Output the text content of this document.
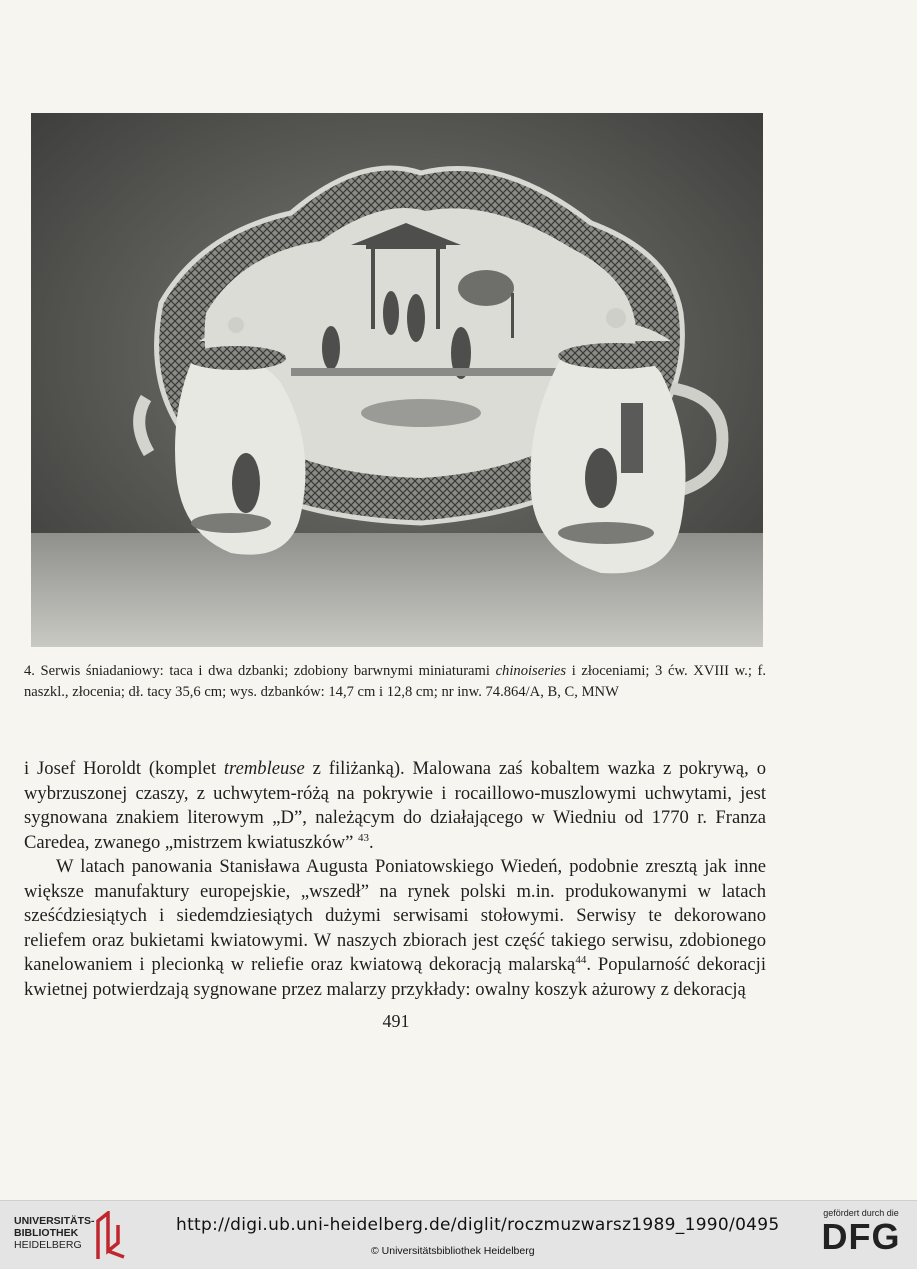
4. Serwis śniadaniowy: taca i dwa dzbanki; zdobiony barwnymi miniaturami chinoiseries i złoceniami; 3 ćw. XVIII w.; f. naszkl., złocenia; dł. tacy 35,6 cm; wys. dzbanków: 14,7 cm i 12,8 cm; nr inw. 74.864/A, B, C, MNW

i Josef Horoldt (komplet trembleuse z filiżanką). Malowana zaś kobaltem wazka z pokrywą, o wybrzuszonej czaszy, z uchwytem-różą na pokrywie i rocaillowo-muszlowymi uchwytami, jest sygnowana znakiem literowym „D”, należącym do działającego w Wiedniu od 1770 r. Franza Caredea, zwanego „mistrzem kwiatuszków” $^{43}$.

W latach panowania Stanisława Augusta Poniatowskiego Wiedeń, podobnie zresztą jak inne większe manufaktury europejskie, „wszedł” na rynek polski m.in. produkowanymi w latach sześćdziesiątych i siedemdziesiątych dużymi serwisami stołowymi. Serwisy te dekorowano reliefem oraz bukietami kwiatowymi. W naszych zbiorach jest część takiego serwisu, zdobionego kanelowaniem i plecionką w reliefie oraz kwiatową dekoracją malarską$^{44}$. Popularność dekoracji kwietnej potwierdzają sygnowane przez malarzy przykłady: owalny koszyk ażurowy z dekoracją

491
UNIVERSITÄTS-
BIBLIOTHEK
HEIDELBERG
http://digi.ub.uni-heidelberg.de/diglit/roczmuzwarsz1989_1990/0495
© Universitätsbibliothek Heidelberg
gefördert durch die
DFG
